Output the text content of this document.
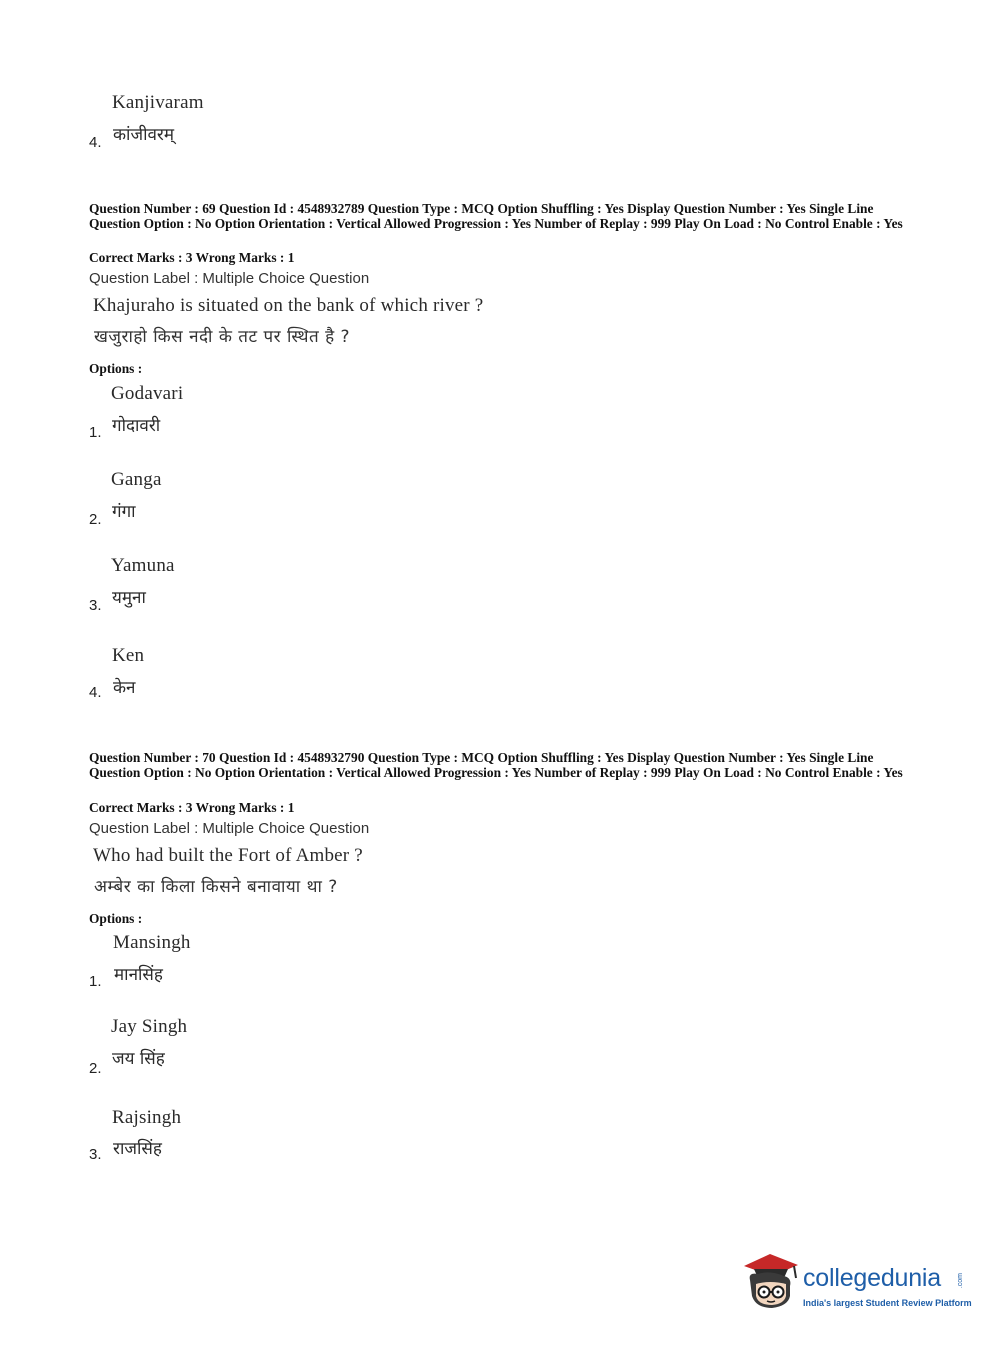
Kanjivaram
4. कांजीवरम्
Question Number : 69 Question Id : 4548932789 Question Type : MCQ Option Shuffling : Yes Display Question Number : Yes Single Line Question Option : No Option Orientation : Vertical Allowed Progression : Yes Number of Replay : 999 Play On Load : No Control Enable : Yes
Correct Marks : 3 Wrong Marks : 1
Question Label : Multiple Choice Question
Khajuraho is situated on the bank of which river ?
खजुराहो किस नदी के तट पर स्थित है ?
Options :
Godavari
1. गोदावरी
Ganga
2. गंगा
Yamuna
3. यमुना
Ken
4. केन
Question Number : 70 Question Id : 4548932790 Question Type : MCQ Option Shuffling : Yes Display Question Number : Yes Single Line Question Option : No Option Orientation : Vertical Allowed Progression : Yes Number of Replay : 999 Play On Load : No Control Enable : Yes
Correct Marks : 3 Wrong Marks : 1
Question Label : Multiple Choice Question
Who had built the Fort of Amber ?
अम्बेर का किला किसने बनावाया था ?
Options :
Mansingh
1. मानसिंह
Jay Singh
2. जय सिंह
Rajsingh
3. राजसिंह
collegedunia .com
India's largest Student Review Platform
